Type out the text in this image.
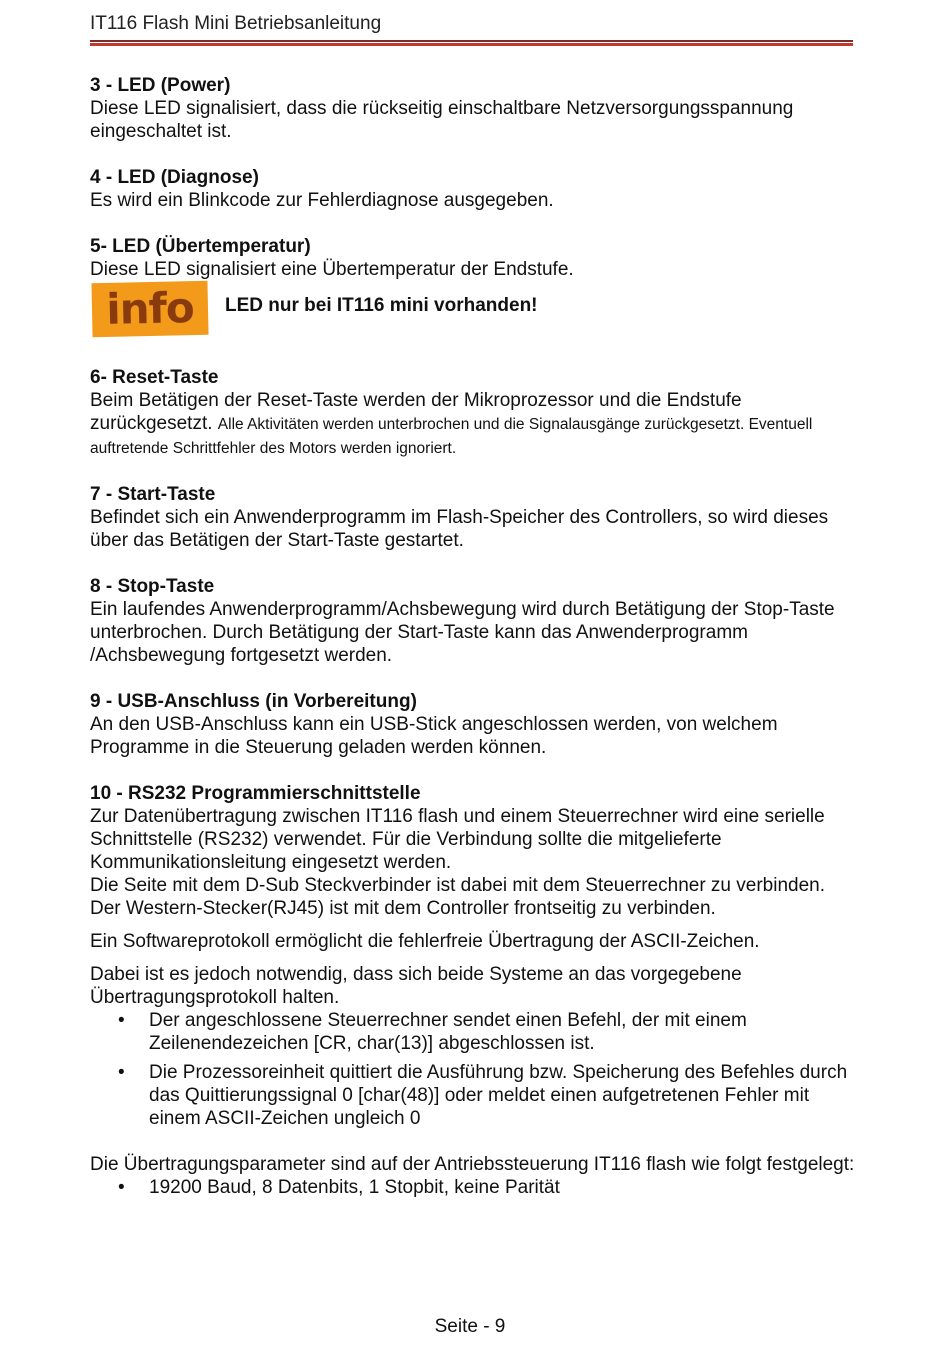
IT116 Flash Mini Betriebsanleitung
3 - LED (Power)

Diese LED signalisiert, dass die rückseitig einschaltbare Netzversorgungsspannung eingeschaltet ist.

4 - LED (Diagnose)

Es wird ein Blinkcode zur Fehlerdiagnose ausgegeben.

5- LED (Übertemperatur)

Diese LED signalisiert eine Übertemperatur der Endstufe.

info LED nur bei IT116 mini vorhanden!
6- Reset-Taste

Beim Betätigen der Reset-Taste werden der Mikroprozessor und die Endstufe zurückgesetzt. Alle Aktivitäten werden unterbrochen und die Signalausgänge zurückgesetzt. Eventuell auftretende Schrittfehler des Motors werden ignoriert.

7 - Start-Taste

Befindet sich ein Anwenderprogramm im Flash-Speicher des Controllers, so wird dieses über das Betätigen der Start-Taste gestartet.

8 - Stop-Taste

Ein laufendes Anwenderprogramm/Achsbewegung wird durch Betätigung der Stop-Taste unterbrochen. Durch Betätigung der Start-Taste kann das Anwenderprogramm /Achsbewegung fortgesetzt werden.

9 - USB-Anschluss (in Vorbereitung)

An den USB-Anschluss kann ein USB-Stick angeschlossen werden, von welchem Programme in die Steuerung geladen werden können.

10 - RS232 Programmierschnittstelle

Zur Datenübertragung zwischen IT116 flash und einem Steuerrechner wird eine serielle Schnittstelle (RS232) verwendet. Für die Verbindung sollte die mitgelieferte Kommunikationsleitung eingesetzt werden.

Die Seite mit dem D-Sub Steckverbinder ist dabei mit dem Steuerrechner zu verbinden. Der Western-Stecker(RJ45) ist mit dem Controller frontseitig zu verbinden.

Ein Softwareprotokoll ermöglicht die fehlerfreie Übertragung der ASCII-Zeichen.

Dabei ist es jedoch notwendig, dass sich beide Systeme an das vorgegebene Übertragungsprotokoll halten.

• Der angeschlossene Steuerrechner sendet einen Befehl, der mit einem Zeilenendezeichen [CR, char(13)] abgeschlossen ist.
• Die Prozessoreinheit quittiert die Ausführung bzw. Speicherung des Befehles durch das Quittierungssignal 0 [char(48)] oder meldet einen aufgetretenen Fehler mit einem ASCII-Zeichen ungleich 0

Die Übertragungsparameter sind auf der Antriebssteuerung IT116 flash wie folgt festgelegt:

• 19200 Baud, 8 Datenbits, 1 Stopbit, keine Parität
Seite - 9
